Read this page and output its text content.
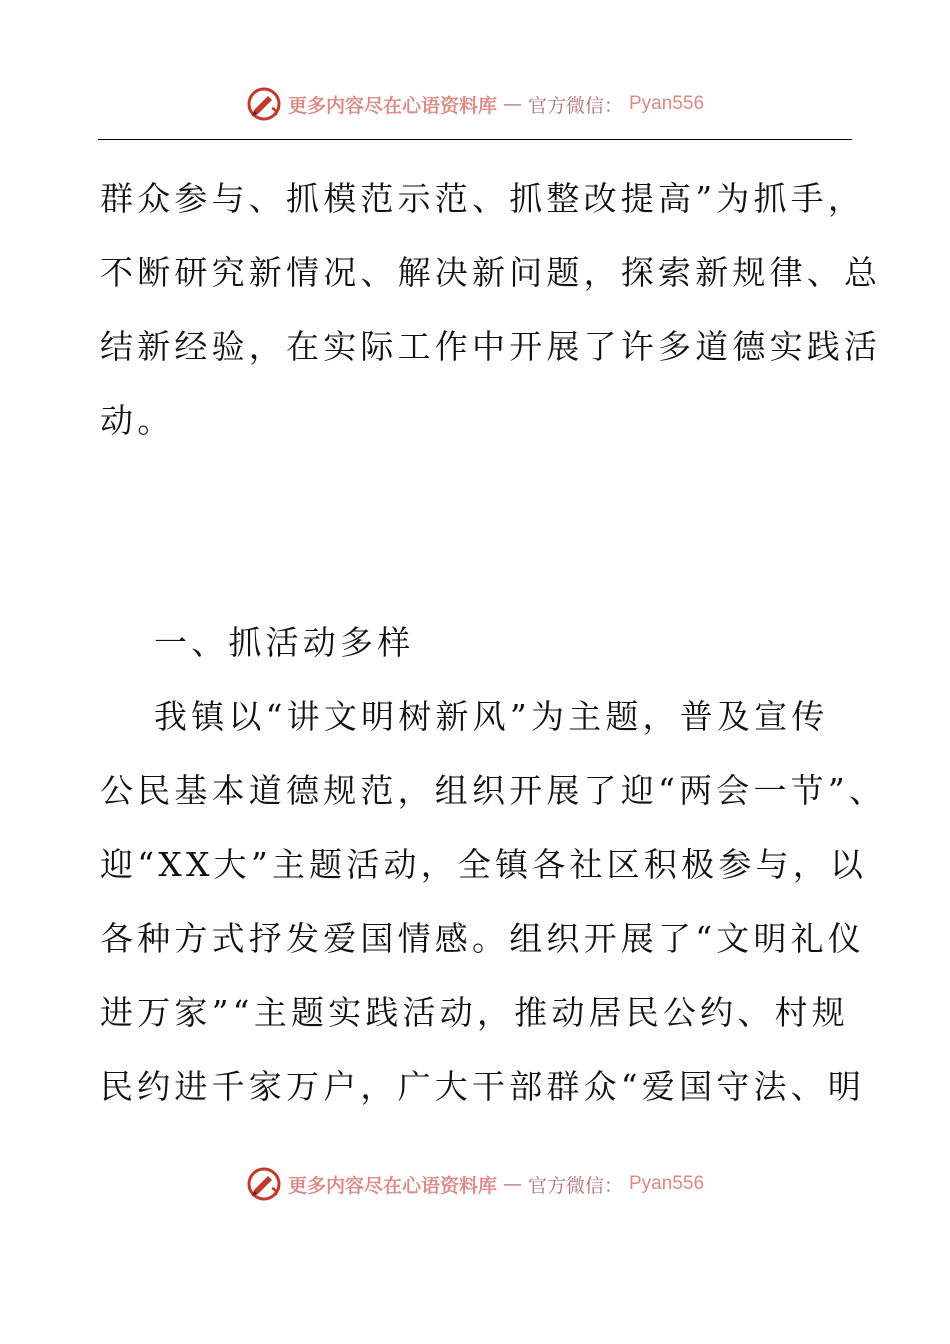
更多内容尽在心语资料库 — 官方微信： Pyan556
群众参与、抓模范示范、抓整改提高”为抓手，
不断研究新情况、解决新问题，探索新规律、总
结新经验，在实际工作中开展了许多道德实践活
动。
一、抓活动多样
我镇以“讲文明树新风”为主题，普及宣传
公民基本道德规范，组织开展了迎“两会一节”、
迎“XX大”主题活动，全镇各社区积极参与，以
各种方式抒发爱国情感。组织开展了“文明礼仪
进万家”“主题实践活动，推动居民公约、村规
民约进千家万户，广大干部群众“爱国守法、明
更多内容尽在心语资料库 — 官方微信： Pyan556
